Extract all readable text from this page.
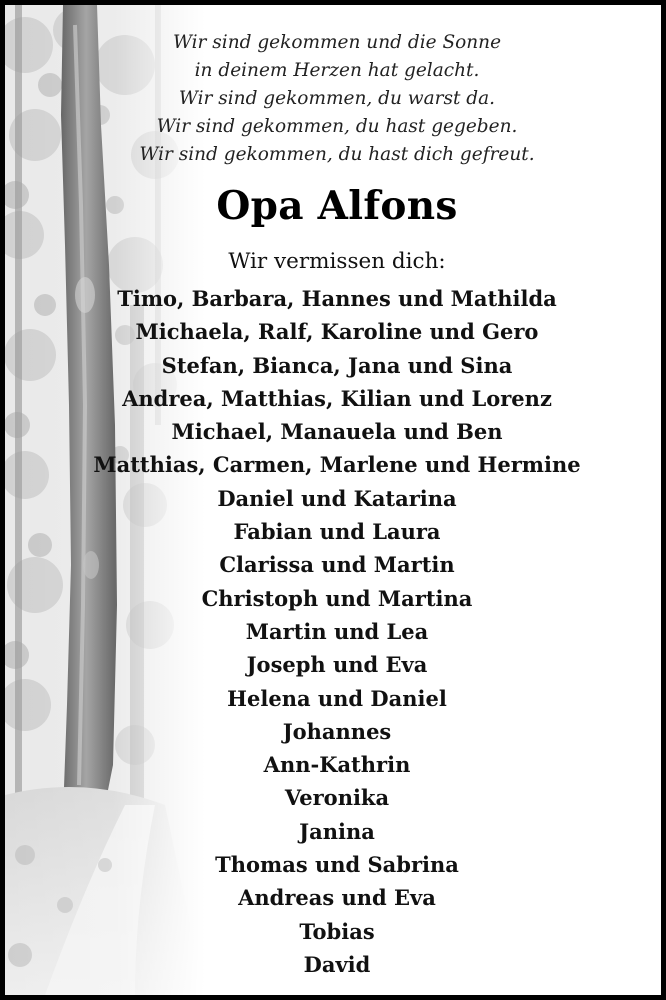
Wir sind gekommen und die Sonne
in deinem Herzen hat gelacht.
Wir sind gekommen, du warst da.
Wir sind gekommen, du hast gegeben.
Wir sind gekommen, du hast dich gefreut.
Opa Alfons
Wir vermissen dich:
Timo, Barbara, Hannes und Mathilda
Michaela, Ralf, Karoline und Gero
Stefan, Bianca, Jana und Sina
Andrea, Matthias, Kilian und Lorenz
Michael, Manauela und Ben
Matthias, Carmen, Marlene und Hermine
Daniel und Katarina
Fabian und Laura
Clarissa und Martin
Christoph und Martina
Martin und Lea
Joseph und Eva
Helena und Daniel
Johannes
Ann-Kathrin
Veronika
Janina
Thomas und Sabrina
Andreas und Eva
Tobias
David
